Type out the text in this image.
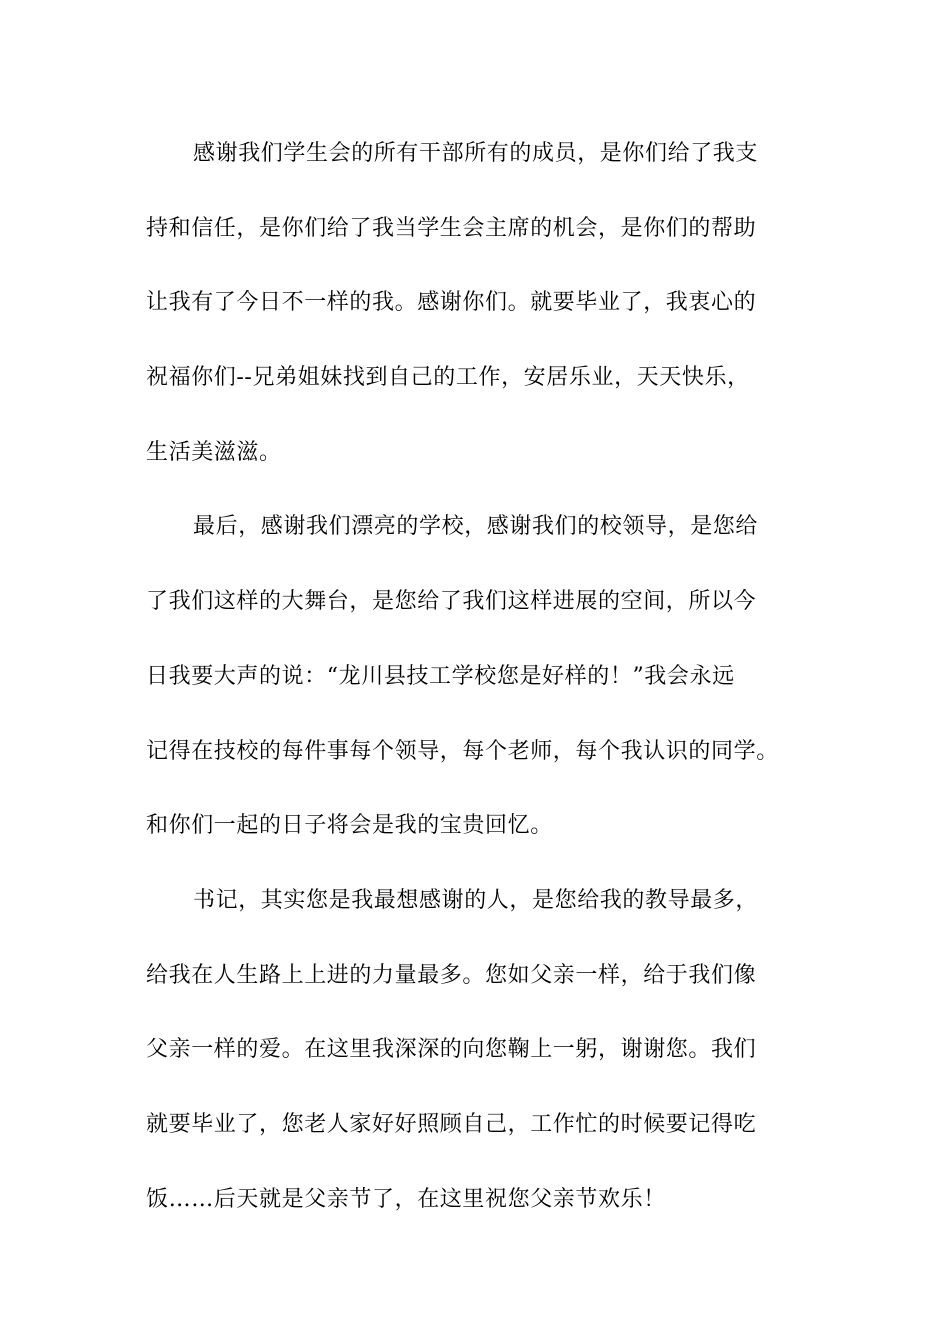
感谢我们学生会的所有干部所有的成员，是你们给了我支
持和信任，是你们给了我当学生会主席的机会，是你们的帮助
让我有了今日不一样的我。感谢你们。就要毕业了，我衷心的
祝福你们--兄弟姐妹找到自己的工作，安居乐业，天天快乐，
生活美滋滋。
最后，感谢我们漂亮的学校，感谢我们的校领导，是您给
了我们这样的大舞台，是您给了我们这样进展的空间，所以今
日我要大声的说：“龙川县技工学校您是好样的！”我会永远
记得在技校的每件事每个领导，每个老师，每个我认识的同学。
和你们一起的日子将会是我的宝贵回忆。
书记，其实您是我最想感谢的人，是您给我的教导最多，
给我在人生路上上进的力量最多。您如父亲一样，给于我们像
父亲一样的爱。在这里我深深的向您鞠上一躬，谢谢您。我们
就要毕业了，您老人家好好照顾自己，工作忙的时候要记得吃
饭……后天就是父亲节了，在这里祝您父亲节欢乐！
